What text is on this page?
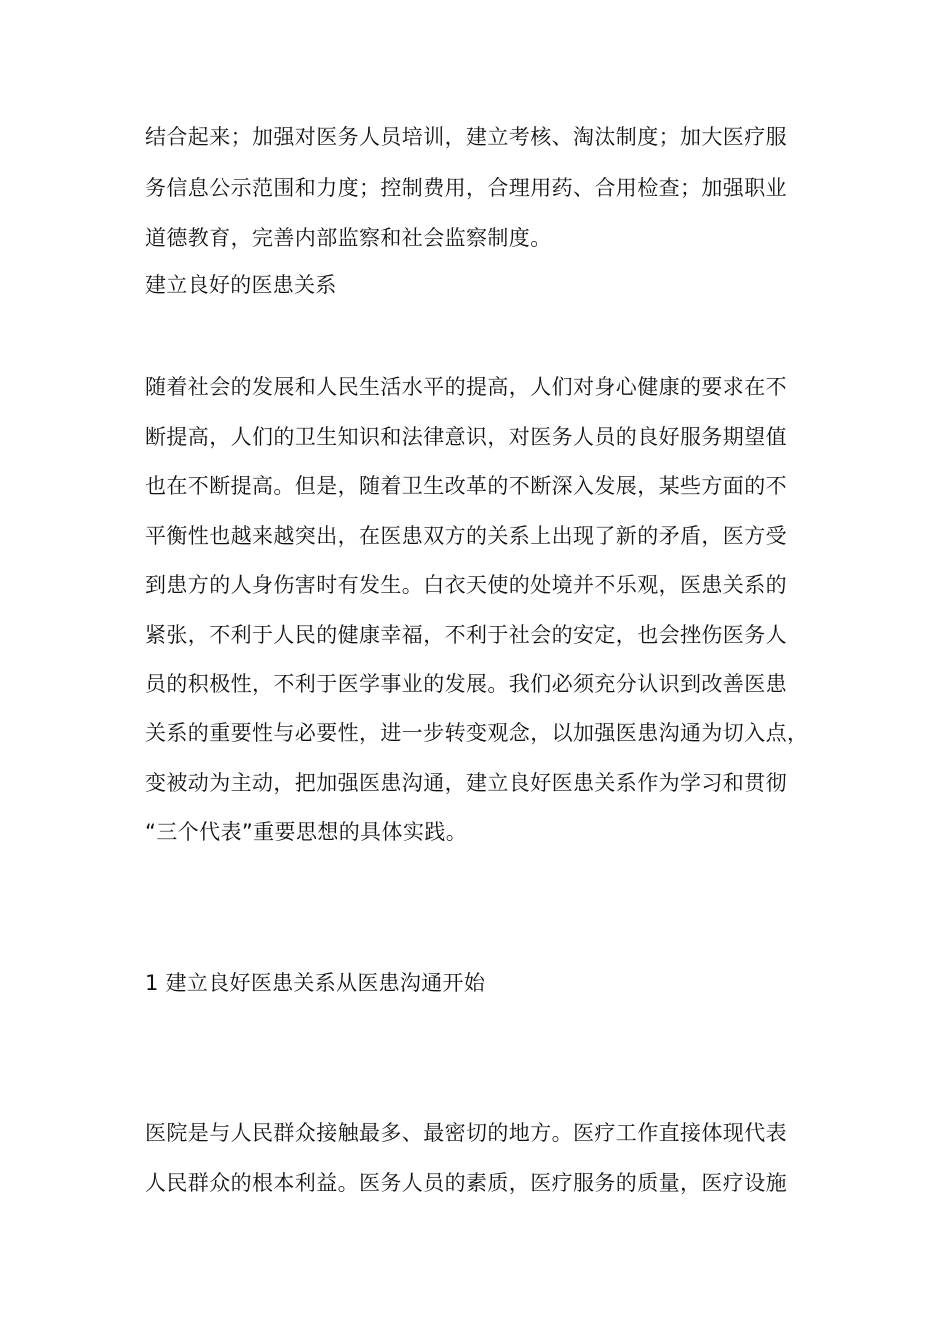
结合起来；加强对医务人员培训，建立考核、淘汰制度；加大医疗服
务信息公示范围和力度；控制费用，合理用药、合用检查；加强职业
道德教育，完善内部监察和社会监察制度。
建立良好的医患关系
随着社会的发展和人民生活水平的提高，人们对身心健康的要求在不
断提高，人们的卫生知识和法律意识，对医务人员的良好服务期望值
也在不断提高。但是，随着卫生改革的不断深入发展，某些方面的不
平衡性也越来越突出，在医患双方的关系上出现了新的矛盾，医方受
到患方的人身伤害时有发生。白衣天使的处境并不乐观，医患关系的
紧张，不利于人民的健康幸福，不利于社会的安定，也会挫伤医务人
员的积极性，不利于医学事业的发展。我们必须充分认识到改善医患
关系的重要性与必要性，进一步转变观念，以加强医患沟通为切入点，
变被动为主动，把加强医患沟通，建立良好医患关系作为学习和贯彻
“三个代表”重要思想的具体实践。
1 建立良好医患关系从医患沟通开始
医院是与人民群众接触最多、最密切的地方。医疗工作直接体现代表
人民群众的根本利益。医务人员的素质，医疗服务的质量，医疗设施
